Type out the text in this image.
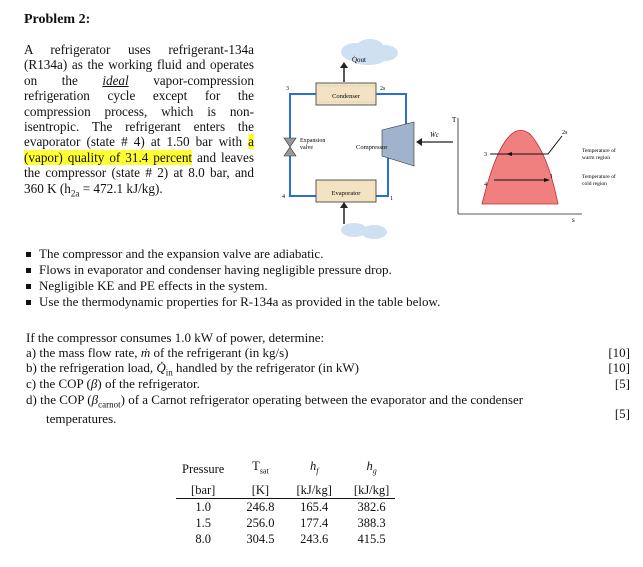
Problem 2:
A refrigerator uses refrigerant-134a (R134a) as the working fluid and operates on the ideal vapor-compression refrigeration cycle except for the compression process, which is non-isentropic. The refrigerant enters the evaporator (state # 4) at 1.50 bar with a (vapor) quality of 31.4 percent and leaves the compressor (state # 2) at 8.0 bar, and 360 K ($h_{2a} = 472.1$ kJ/kg).
Q̇out
Condenser
Expansion
valve	Compressor
Ẇc
Evaporator
3	2s
4	1
T
s
3
4
2s
1
Temperature of
warm region
Temperature of
cold region
The compressor and the expansion valve are adiabatic.
Flows in evaporator and condenser having negligible pressure drop.
Negligible KE and PE effects in the system.
Use the thermodynamic properties for R-134a as provided in the table below.
If the compressor consumes 1.0 kW of power, determine:
a) the mass flow rate, ṁ of the refrigerant (in kg/s)	[10]
b) the refrigeration load, $Q̇_{in}$ handled by the refrigerator (in kW)	[10]
c) the COP (β) of the refrigerator.	[5]
d) the COP $(\beta_{carnot})$ of a Carnot refrigerator operating between the evaporator and the condenser
temperatures.	[5]
Pressure	$T_{sat}$	$h_f$	$h_g$
[bar]	[K]	[kJ/kg]	[kJ/kg]
1.0	246.8	165.4	382.6
1.5	256.0	177.4	388.3
8.0	304.5	243.6	415.5
